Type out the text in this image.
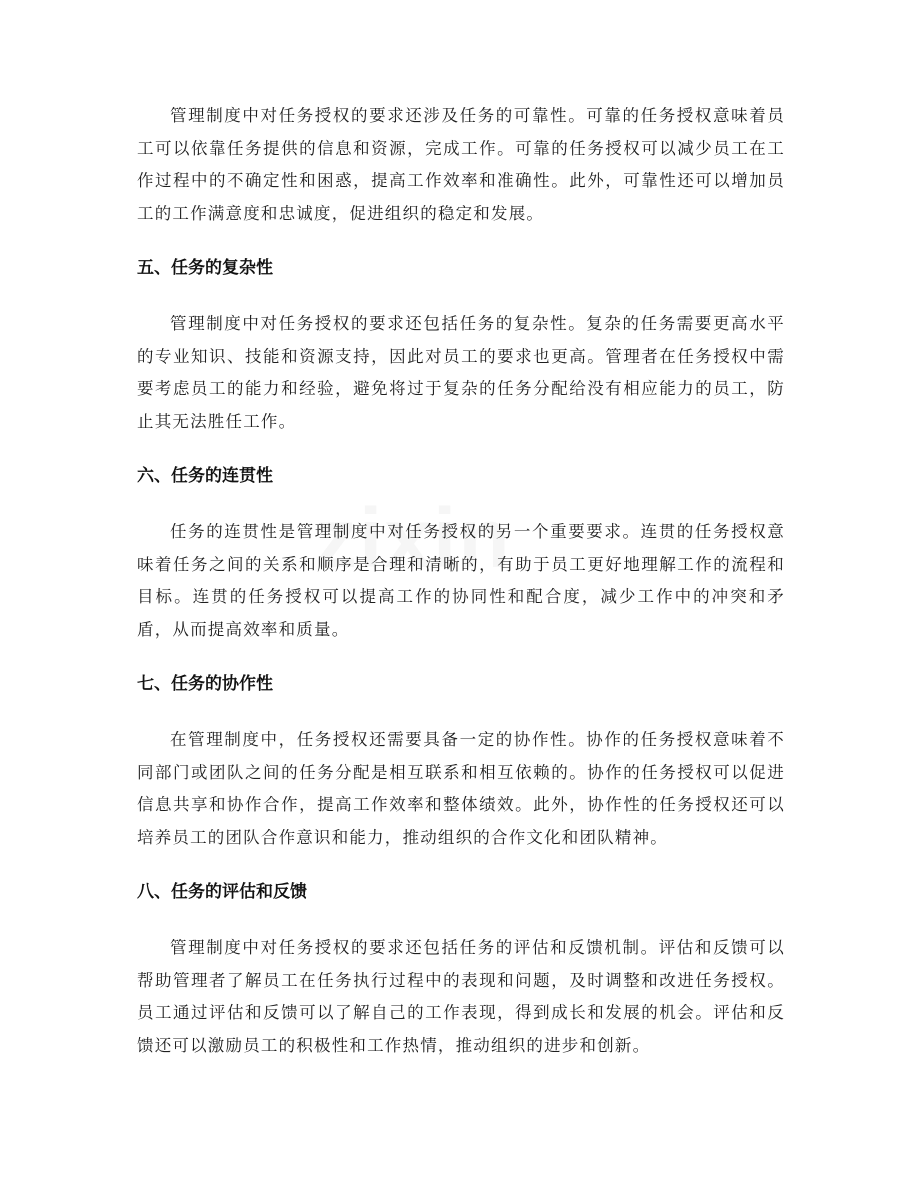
管理制度中对任务授权的要求还涉及任务的可靠性。可靠的任务授权意味着员工可以依靠任务提供的信息和资源，完成工作。可靠的任务授权可以减少员工在工作过程中的不确定性和困惑，提高工作效率和准确性。此外，可靠性还可以增加员工的工作满意度和忠诚度，促进组织的稳定和发展。

五、任务的复杂性

管理制度中对任务授权的要求还包括任务的复杂性。复杂的任务需要更高水平的专业知识、技能和资源支持，因此对员工的要求也更高。管理者在任务授权中需要考虑员工的能力和经验，避免将过于复杂的任务分配给没有相应能力的员工，防止其无法胜任工作。

六、任务的连贯性

任务的连贯性是管理制度中对任务授权的另一个重要要求。连贯的任务授权意味着任务之间的关系和顺序是合理和清晰的，有助于员工更好地理解工作的流程和目标。连贯的任务授权可以提高工作的协同性和配合度，减少工作中的冲突和矛盾，从而提高效率和质量。

七、任务的协作性

在管理制度中，任务授权还需要具备一定的协作性。协作的任务授权意味着不同部门或团队之间的任务分配是相互联系和相互依赖的。协作的任务授权可以促进信息共享和协作合作，提高工作效率和整体绩效。此外，协作性的任务授权还可以培养员工的团队合作意识和能力，推动组织的合作文化和团队精神。

八、任务的评估和反馈

管理制度中对任务授权的要求还包括任务的评估和反馈机制。评估和反馈可以帮助管理者了解员工在任务执行过程中的表现和问题，及时调整和改进任务授权。员工通过评估和反馈可以了解自己的工作表现，得到成长和发展的机会。评估和反馈还可以激励员工的积极性和工作热情，推动组织的进步和创新。
